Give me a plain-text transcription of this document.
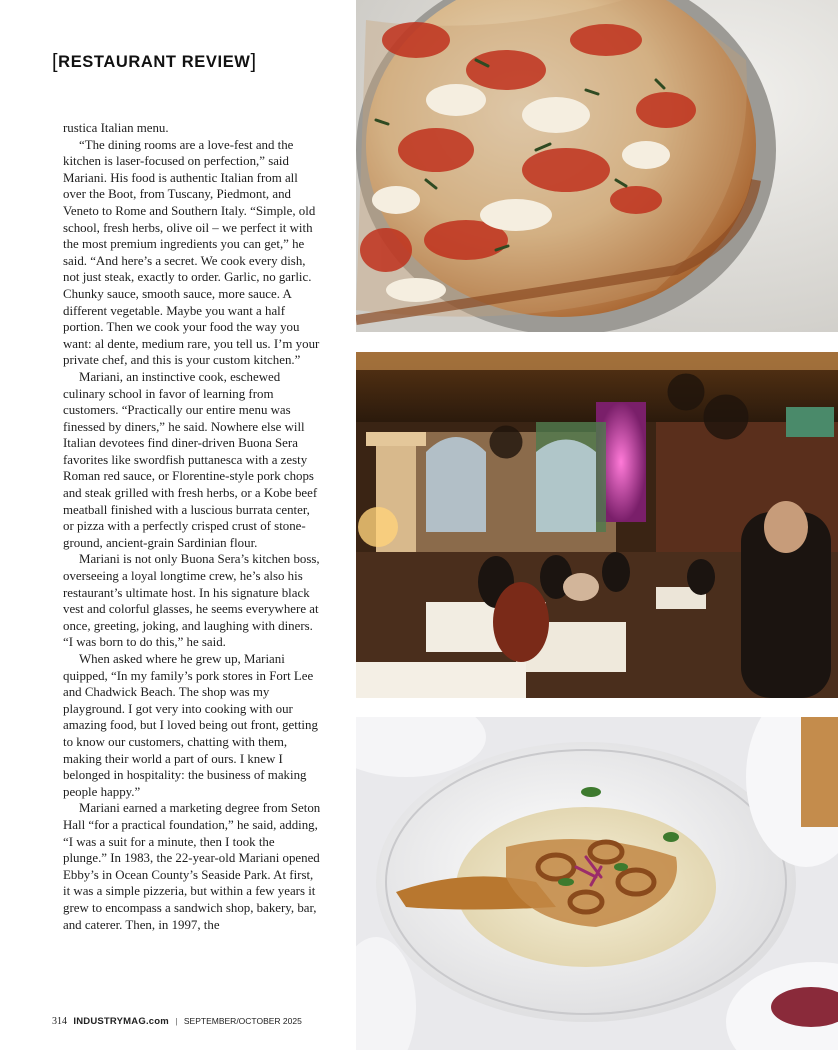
[RESTAURANT REVIEW]

rustica Italian menu.

“The dining rooms are a love-fest and the kitchen is laser-focused on perfection,” said Mariani. His food is authentic Italian from all over the Boot, from Tuscany, Piedmont, and Veneto to Rome and Southern Italy. “Simple, old school, fresh herbs, olive oil – we perfect it with the most premium ingredients you can get,” he said. “And here’s a secret. We cook every dish, not just steak, exactly to order. Garlic, no garlic. Chunky sauce, smooth sauce, more sauce. A different vegetable. Maybe you want a half portion. Then we cook your food the way you want: al dente, medium rare, you tell us. I’m your private chef, and this is your custom kitchen.”

Mariani, an instinctive cook, eschewed culinary school in favor of learning from customers. “Practically our entire menu was finessed by diners,” he said. Nowhere else will Italian devotees find diner-driven Buona Sera favorites like swordfish puttanesca with a zesty Roman red sauce, or Florentine-style pork chops and steak grilled with fresh herbs, or a Kobe beef meatball finished with a luscious burrata center, or pizza with a perfectly crisped crust of stone-ground, ancient-grain Sardinian flour.

Mariani is not only Buona Sera’s kitchen boss, overseeing a loyal longtime crew, he’s also his restaurant’s ultimate host. In his signature black vest and colorful glasses, he seems everywhere at once, greeting, joking, and laughing with diners. “I was born to do this,” he said.

When asked where he grew up, Mariani quipped, “In my family’s pork stores in Fort Lee and Chadwick Beach. The shop was my playground. I got very into cooking with our amazing food, but I loved being out front, getting to know our customers, chatting with them, making their world a part of ours. I knew I belonged in hospitality: the business of making people happy.”

Mariani earned a marketing degree from Seton Hall “for a practical foundation,” he said, adding, “I was a suit for a minute, then I took the plunge.” In 1983, the 22-year-old Mariani opened Ebby’s in Ocean County’s Seaside Park. At first, it was a simple pizzeria, but within a few years it grew to encompass a sandwich shop, bakery, bar, and caterer. Then, in 1997, the

314 INDUSTRYMAG.com | SEPTEMBER/OCTOBER 2025
